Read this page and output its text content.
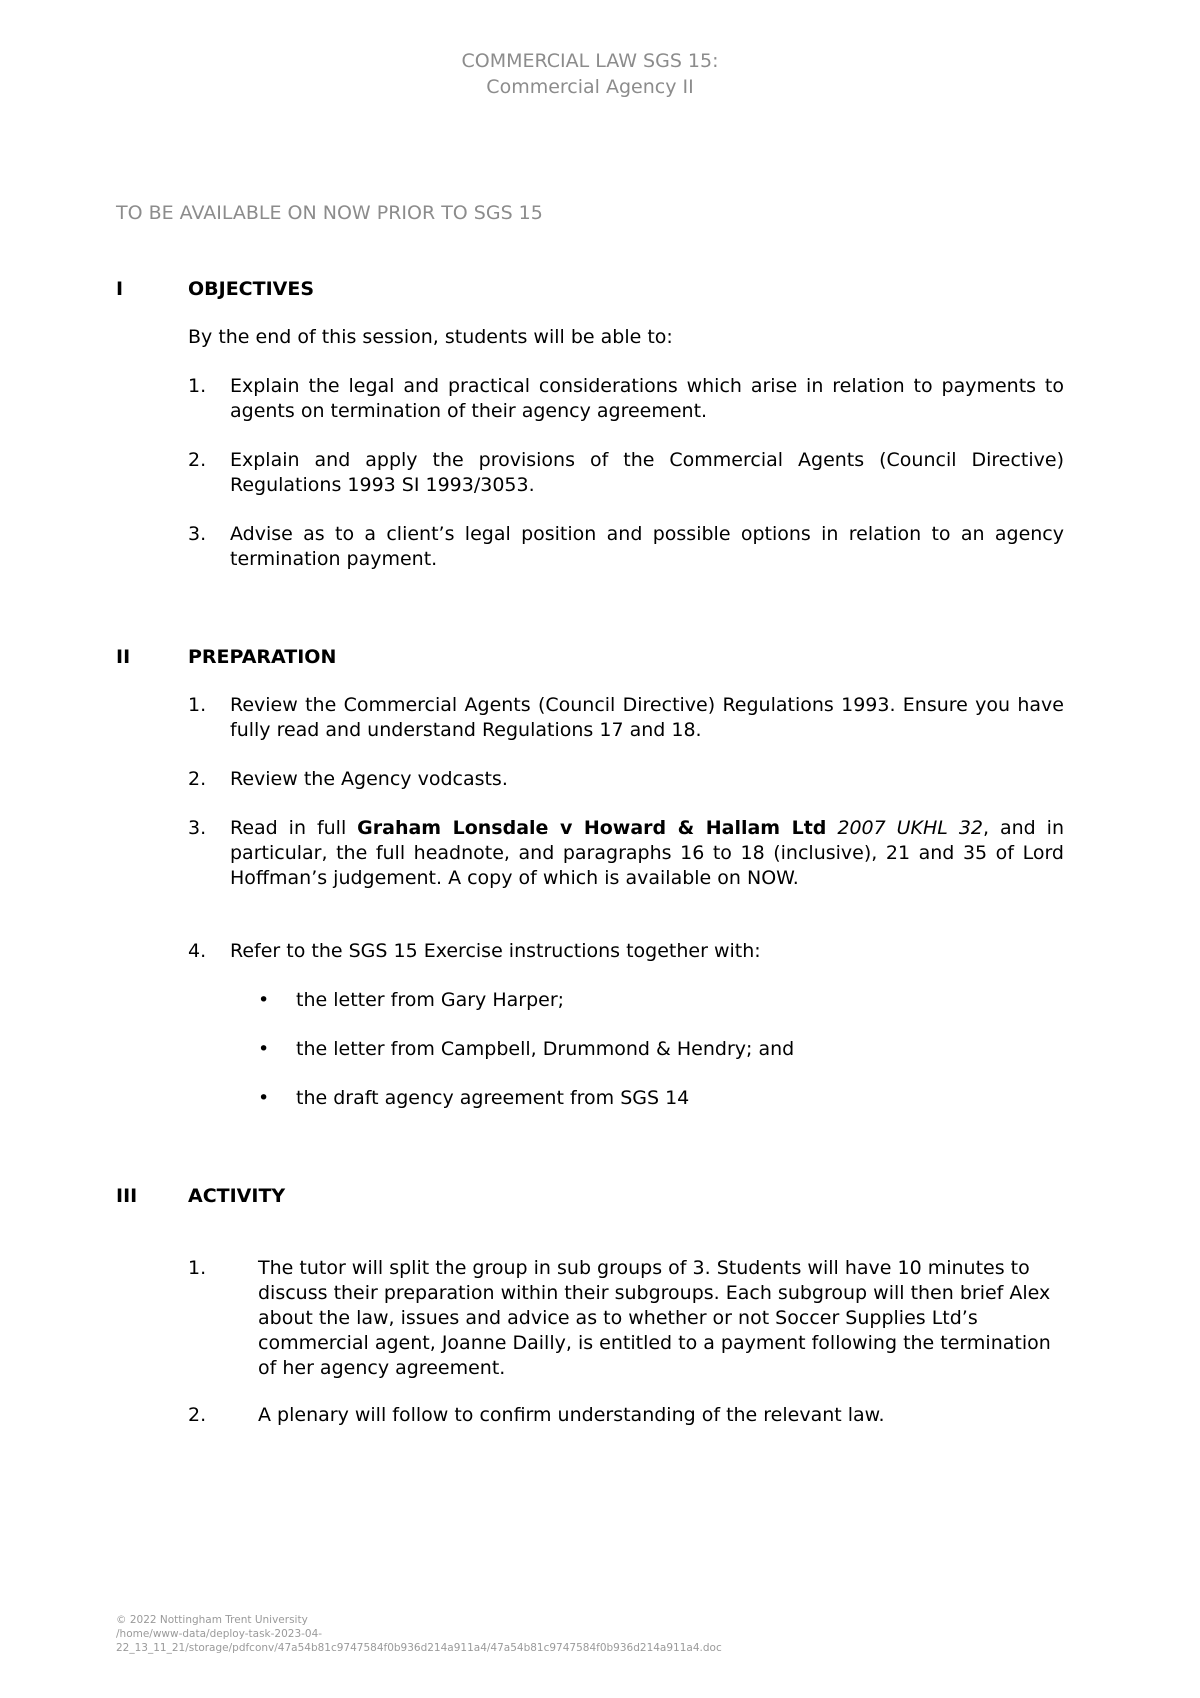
COMMERCIAL LAW SGS 15:
Commercial Agency II
TO BE AVAILABLE ON NOW PRIOR TO SGS 15
I	OBJECTIVES
By the end of this session, students will be able to:
1.	Explain the legal and practical considerations which arise in relation to payments to agents on termination of their agency agreement.
2.	Explain and apply the provisions of the Commercial Agents (Council Directive) Regulations 1993 SI 1993/3053.
3.	Advise as to a client’s legal position and possible options in relation to an agency termination payment.
II	PREPARATION
1.	Review the Commercial Agents (Council Directive) Regulations 1993. Ensure you have fully read and understand Regulations 17 and 18.
2.	Review the Agency vodcasts.
3.	Read in full Graham Lonsdale v Howard & Hallam Ltd 2007 UKHL 32, and in particular, the full headnote, and paragraphs 16 to 18 (inclusive), 21 and 35 of Lord Hoffman’s judgement. A copy of which is available on NOW.
4.	Refer to the SGS 15 Exercise instructions together with:
• the letter from Gary Harper;
• the letter from Campbell, Drummond & Hendry; and
• the draft agency agreement from SGS 14
III	ACTIVITY
1.	The tutor will split the group in sub groups of 3. Students will have 10 minutes to discuss their preparation within their subgroups. Each subgroup will then brief Alex about the law, issues and advice as to whether or not Soccer Supplies Ltd’s commercial agent, Joanne Dailly, is entitled to a payment following the termination of her agency agreement.
2.	A plenary will follow to confirm understanding of the relevant law.
© 2022 Nottingham Trent University
/home/www-data/deploy-task-2023-04-
22_13_11_21/storage/pdfconv/47a54b81c9747584f0b936d214a911a4/47a54b81c9747584f0b936d214a911a4.doc
